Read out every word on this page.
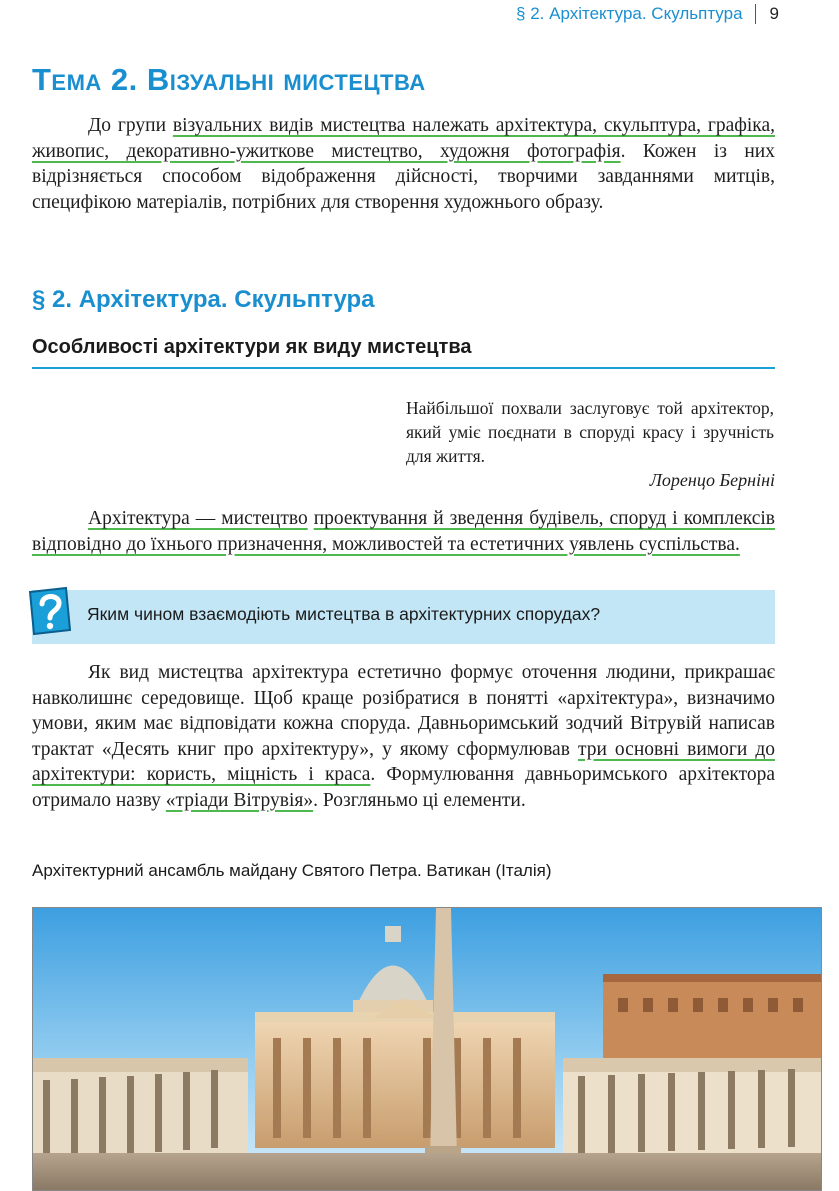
§ 2. Архітектура. Скульптура 9
Тема 2. Візуальні мистецтва
До групи візуальних видів мистецтва належать архітектура, скульптура, графіка, живопис, декоративно-ужиткове мистецтво, художня фотографія. Кожен із них відрізняється способом відображення дійсності, творчими завданнями митців, специфікою матеріалів, потрібних для створення художнього образу.
§ 2. Архітектура. Скульптура
Особливості архітектури як виду мистецтва
Найбільшої похвали заслуговує той архітектор, який уміє поєднати в споруді красу і зручність для життя.
Лоренцо Берніні
Архітектура — мистецтво проектування й зведення будівель, споруд і комплексів відповідно до їхнього призначення, можливостей та естетичних уявлень суспільства.
Яким чином взаємодіють мистецтва в архітектурних спорудах?
Як вид мистецтва архітектура естетично формує оточення людини, прикрашає навколишнє середовище. Щоб краще розібратися в понятті «архітектура», визначимо умови, яким має відповідати кожна споруда. Давньоримський зодчий Вітрувій написав трактат «Десять книг про архітектуру», у якому сформулював три основні вимоги до архітектури: користь, міцність і краса. Формулювання давньоримського архітектора отримало назву «тріади Вітрувія». Розгляньмо ці елементи.
Архітектурний ансамбль майдану Святого Петра. Ватикан (Італія)
